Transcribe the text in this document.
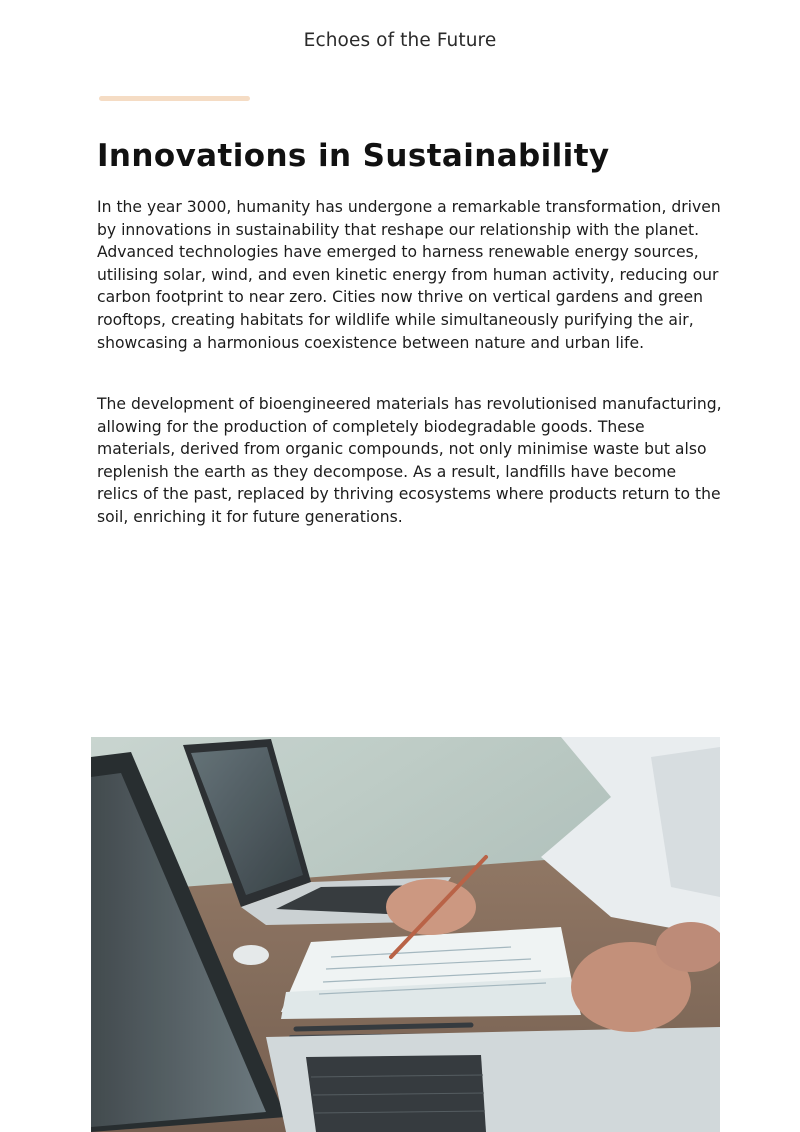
Echoes of the Future
Innovations in Sustainability

In the year 3000, humanity has undergone a remarkable transformation, driven by innovations in sustainability that reshape our relationship with the planet. Advanced technologies have emerged to harness renewable energy sources, utilising solar, wind, and even kinetic energy from human activity, reducing our carbon footprint to near zero. Cities now thrive on vertical gardens and green rooftops, creating habitats for wildlife while simultaneously purifying the air, showcasing a harmonious coexistence between nature and urban life.

The development of bioengineered materials has revolutionised manufacturing, allowing for the production of completely biodegradable goods. These materials, derived from organic compounds, not only minimise waste but also replenish the earth as they decompose. As a result, landfills have become relics of the past, replaced by thriving ecosystems where products return to the soil, enriching it for future generations.
